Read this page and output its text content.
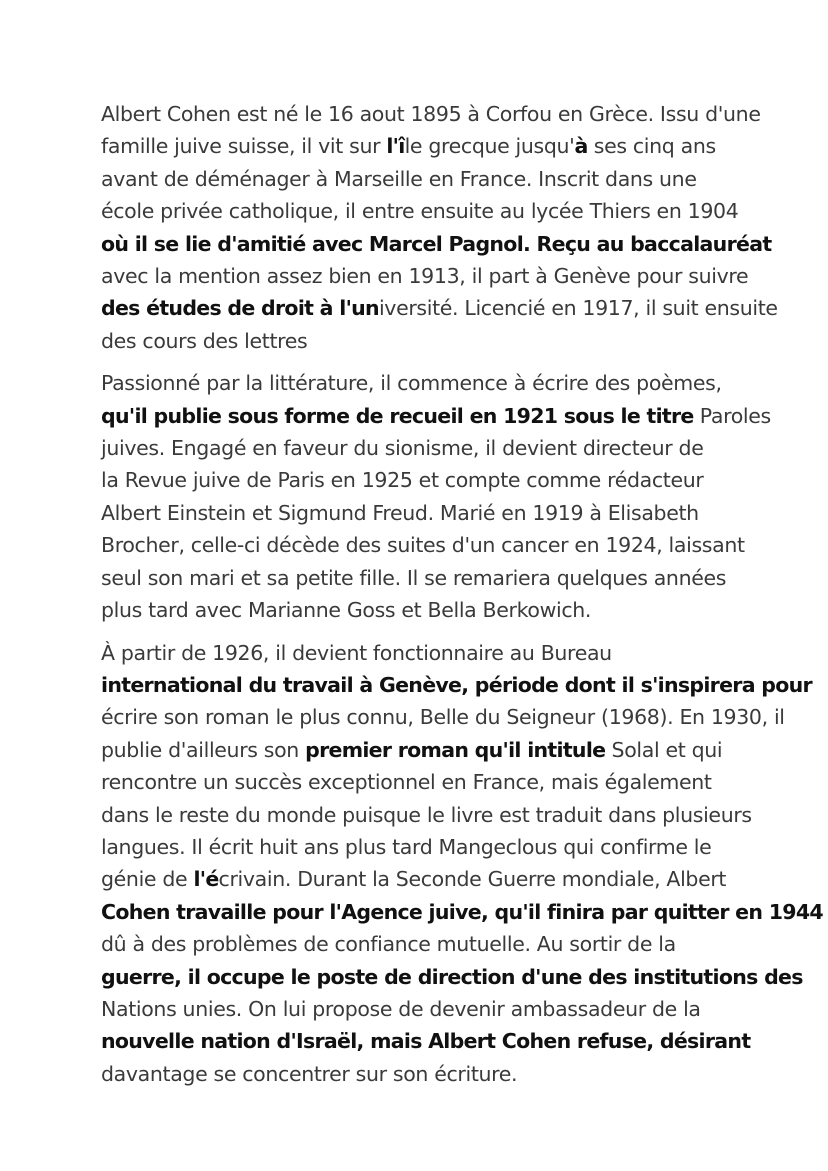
Albert Cohen est né le 16 aout 1895 à Corfou en Grèce. Issu d'une
famille juive suisse, il vit sur l'île grecque jusqu'à ses cinq ans
avant de déménager à Marseille en France. Inscrit dans une
école privée catholique, il entre ensuite au lycée Thiers en 1904
où il se lie d'amitié avec Marcel Pagnol. Reçu au baccalauréat
avec la mention assez bien en 1913, il part à Genève pour suivre
des études de droit à l'université. Licencié en 1917, il suit ensuite
des cours des lettres
Passionné par la littérature, il commence à écrire des poèmes,
qu'il publie sous forme de recueil en 1921 sous le titre Paroles
juives. Engagé en faveur du sionisme, il devient directeur de
la Revue juive de Paris en 1925 et compte comme rédacteur
Albert Einstein et Sigmund Freud. Marié en 1919 à Elisabeth
Brocher, celle-ci décède des suites d'un cancer en 1924, laissant
seul son mari et sa petite fille. Il se remariera quelques années
plus tard avec Marianne Goss et Bella Berkowich.
À partir de 1926, il devient fonctionnaire au Bureau
international du travail à Genève, période dont il s'inspirera pour
écrire son roman le plus connu, Belle du Seigneur (1968). En 1930, il
publie d'ailleurs son premier roman qu'il intitule Solal et qui
rencontre un succès exceptionnel en France, mais également
dans le reste du monde puisque le livre est traduit dans plusieurs
langues. Il écrit huit ans plus tard Mangeclous qui confirme le
génie de l'écrivain. Durant la Seconde Guerre mondiale, Albert
Cohen travaille pour l'Agence juive, qu'il finira par quitter en 1944
dû à des problèmes de confiance mutuelle. Au sortir de la
guerre, il occupe le poste de direction d'une des institutions des
Nations unies. On lui propose de devenir ambassadeur de la
nouvelle nation d'Israël, mais Albert Cohen refuse, désirant
davantage se concentrer sur son écriture.
